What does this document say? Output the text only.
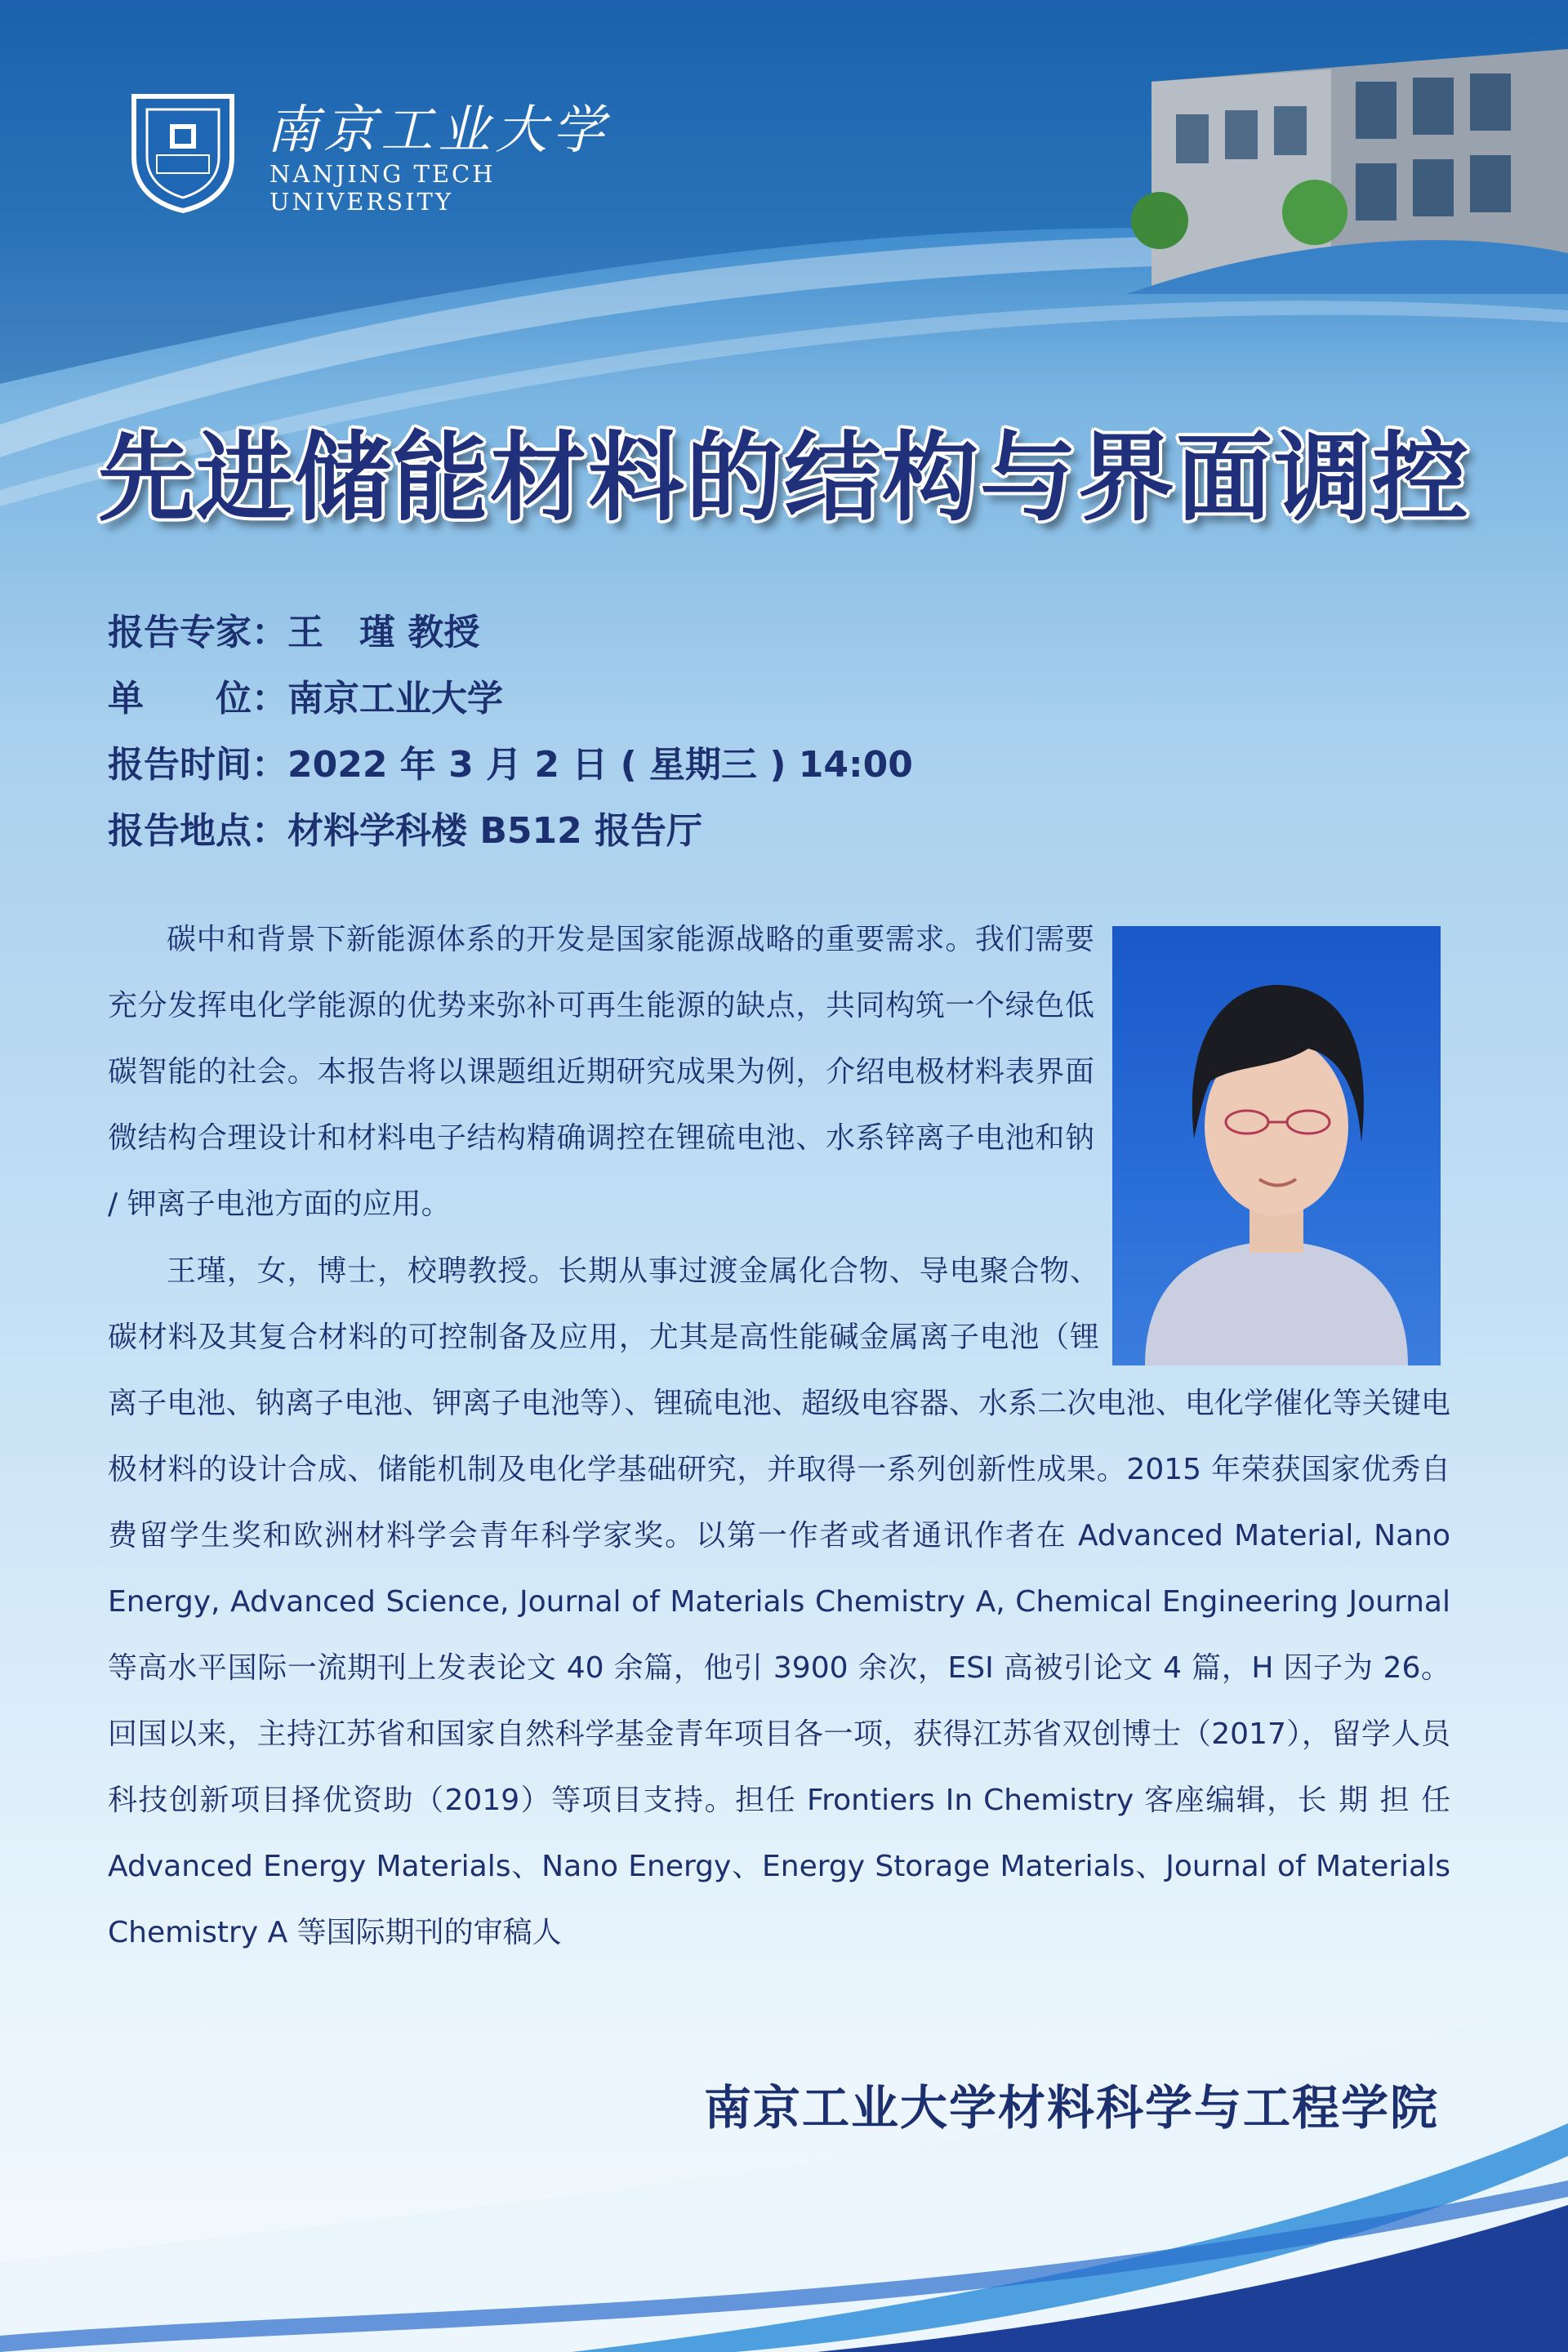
南京工业大学
NANJING TECH
UNIVERSITY
先进储能材料的结构与界面调控
报告专家：王　瑾 教授
单　　位：南京工业大学
报告时间：2022 年 3 月 2 日 ( 星期三 ) 14:00
报告地点：材料学科楼 B512 报告厅

碳中和背景下新能源体系的开发是国家能源战略的重要需求。我们需要充分发挥电化学能源的优势来弥补可再生能源的缺点，共同构筑一个绿色低碳智能的社会。本报告将以课题组近期研究成果为例，介绍电极材料表界面微结构合理设计和材料电子结构精确调控在锂硫电池、水系锌离子电池和钠 / 钾离子电池方面的应用。

王瑾，女，博士，校聘教授。长期从事过渡金属化合物、导电聚合物、碳材料及其复合材料的可控制备及应用，尤其是高性能碱金属离子电池（锂离子电池、钠离子电池、钾离子电池等）、锂硫电池、超级电容器、水系二次电池、电化学催化等关键电极材料的设计合成、储能机制及电化学基础研究，并取得一系列创新性成果。2015 年荣获国家优秀自费留学生奖和欧洲材料学会青年科学家奖。以第一作者或者通讯作者在 Advanced Material, Nano Energy, Advanced Science, Journal of Materials Chemistry A, Chemical Engineering Journal 等高水平国际一流期刊上发表论文 40 余篇，他引 3900 余次，ESI 高被引论文 4 篇，H 因子为 26。回国以来，主持江苏省和国家自然科学基金青年项目各一项，获得江苏省双创博士（2017），留学人员科技创新项目择优资助（2019）等项目支持。担任 Frontiers In Chemistry 客座编辑，长 期 担 任 Advanced Energy Materials、Nano Energy、Energy Storage Materials、Journal of Materials Chemistry A 等国际期刊的审稿人

南京工业大学材料科学与工程学院
